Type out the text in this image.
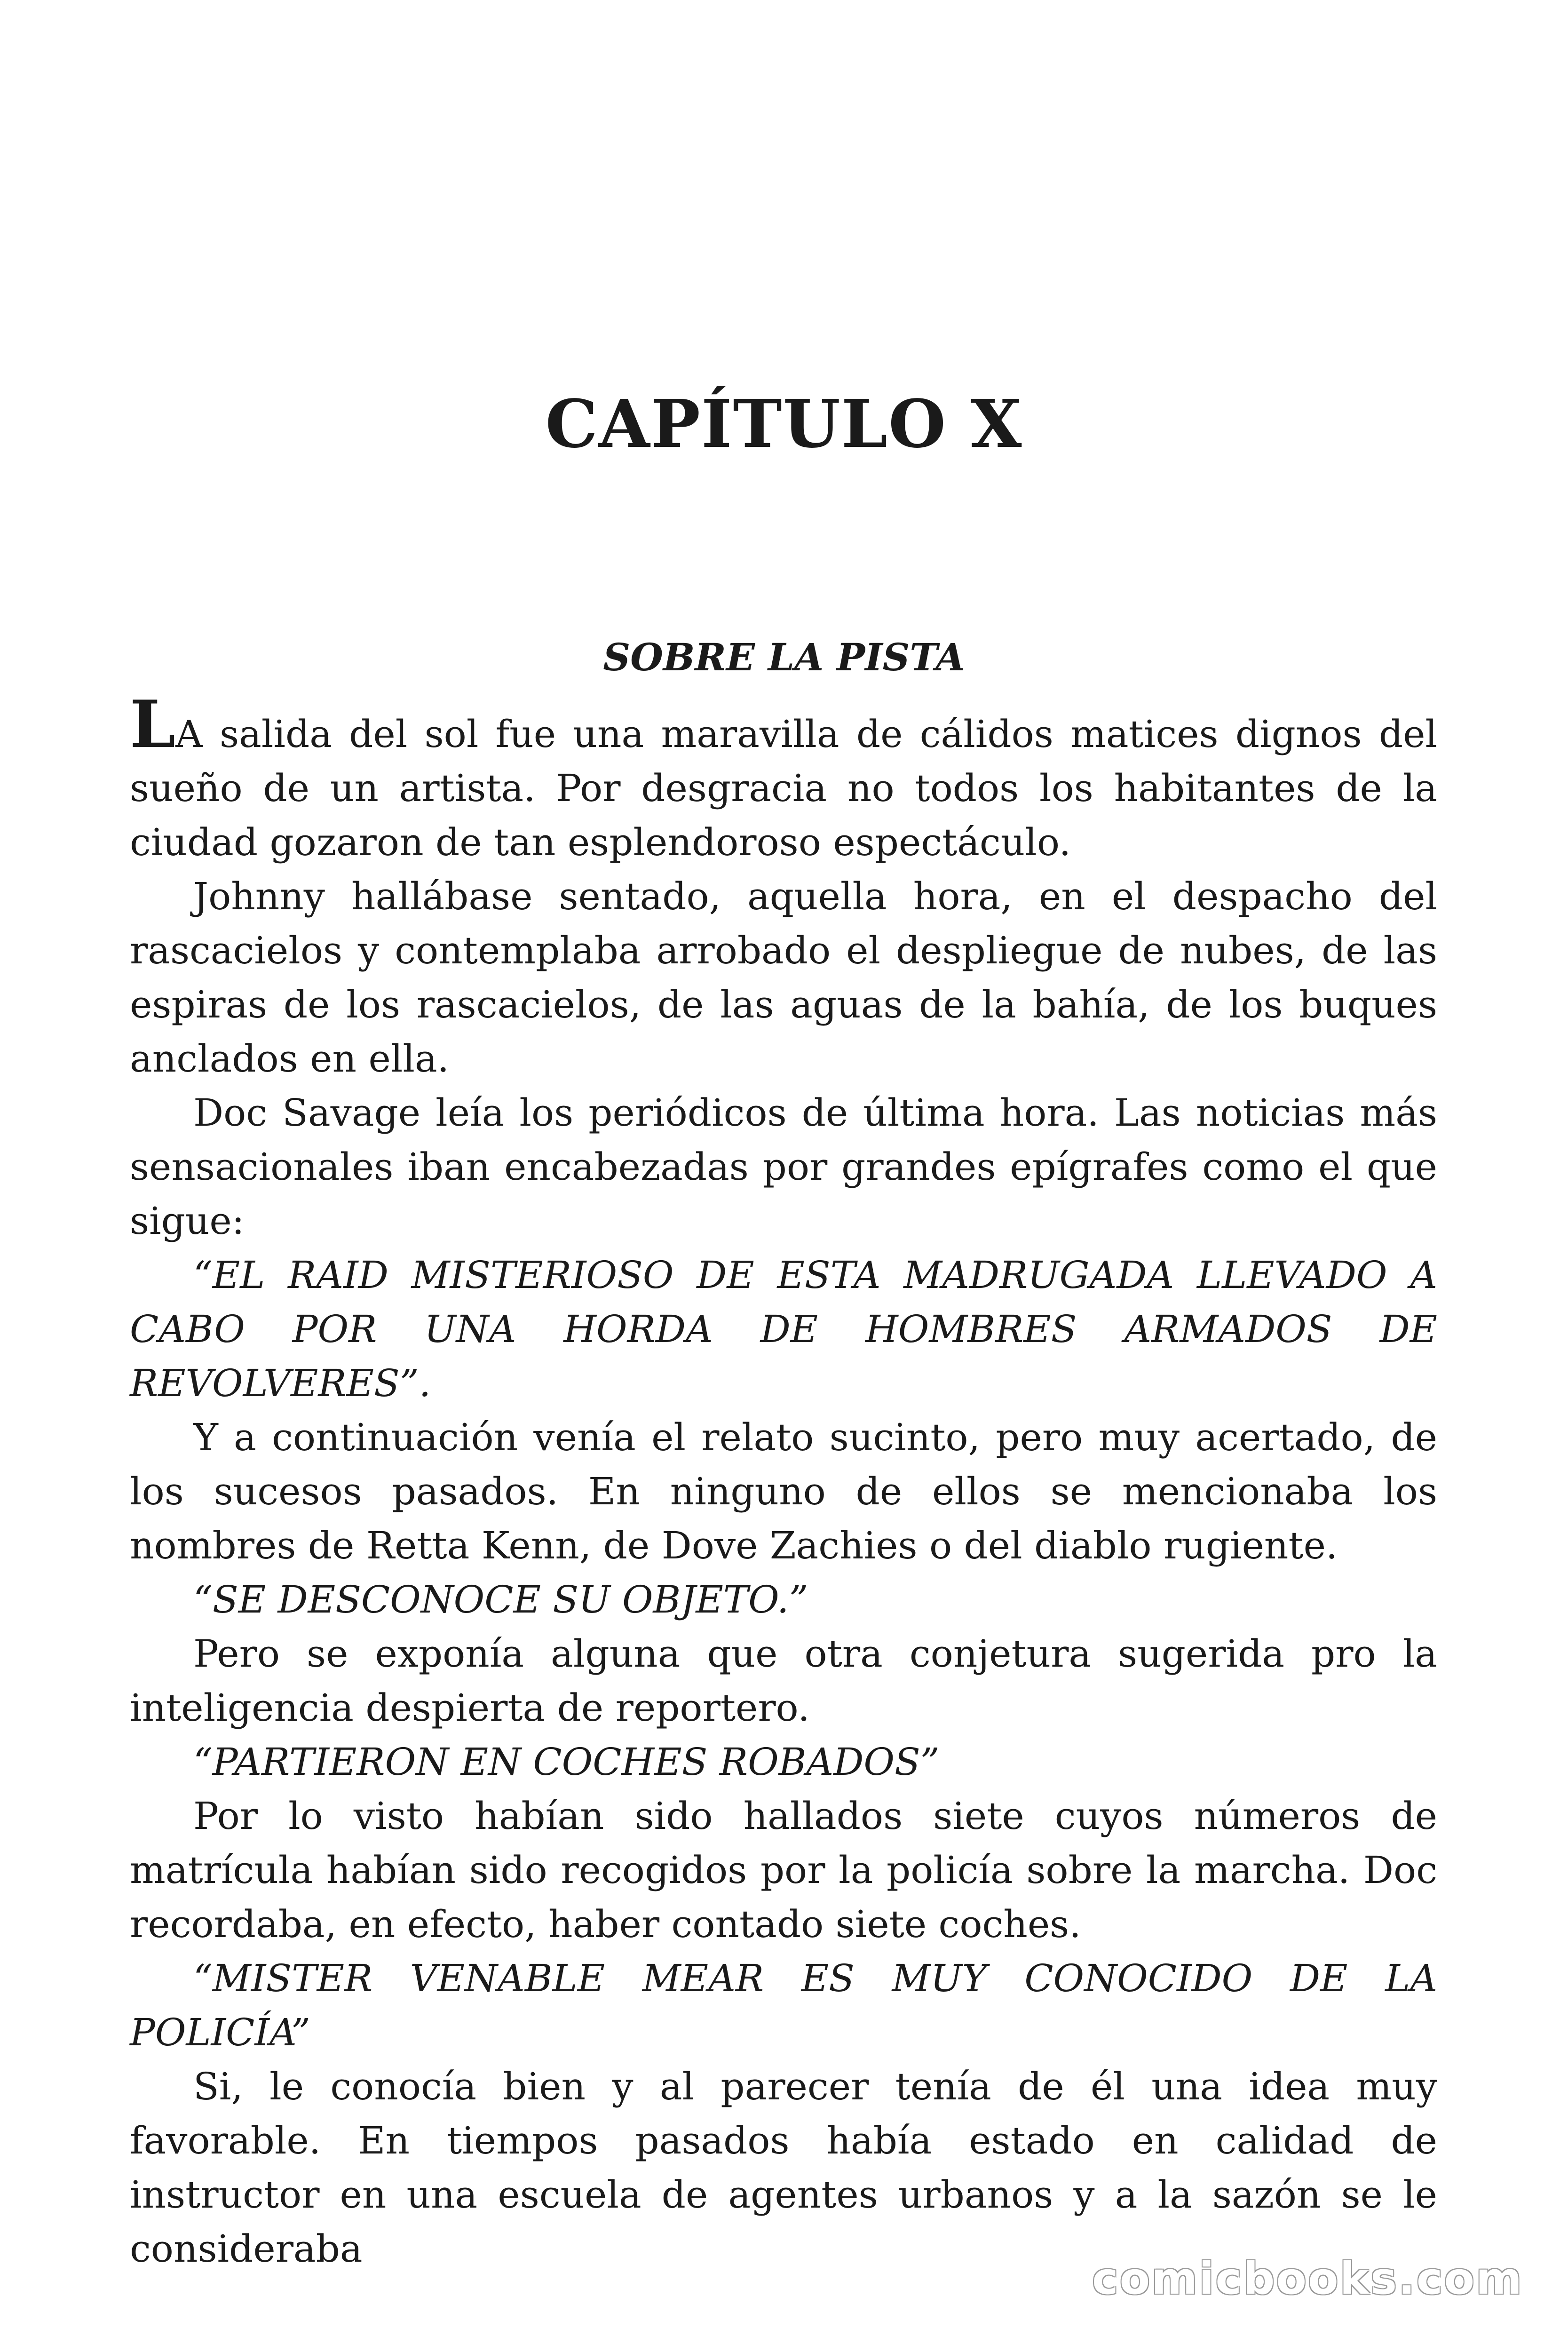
CAPÍTULO X
SOBRE LA PISTA

LA salida del sol fue una maravilla de cálidos matices dignos del sueño de un artista. Por desgracia no todos los habitantes de la ciudad gozaron de tan esplendoroso espectáculo.

Johnny hallábase sentado, aquella hora, en el despacho del rascacielos y contemplaba arrobado el despliegue de nubes, de las espiras de los rascacielos, de las aguas de la bahía, de los buques anclados en ella.

Doc Savage leía los periódicos de última hora. Las noticias más sensacionales iban encabezadas por grandes epígrafes como el que sigue:

“EL RAID MISTERIOSO DE ESTA MADRUGADA LLEVADO A CABO POR UNA HORDA DE HOMBRES ARMADOS DE REVOLVERES”.

Y a continuación venía el relato sucinto, pero muy acertado, de los sucesos pasados. En ninguno de ellos se mencionaba los nombres de Retta Kenn, de Dove Zachies o del diablo rugiente.

“SE DESCONOCE SU OBJETO.”

Pero se exponía alguna que otra conjetura sugerida pro la inteligencia despierta de reportero.

“PARTIERON EN COCHES ROBADOS”

Por lo visto habían sido hallados siete cuyos números de matrícula habían sido recogidos por la policía sobre la marcha. Doc recordaba, en efecto, haber contado siete coches.

“MISTER VENABLE MEAR ES MUY CONOCIDO DE LA POLICÍA”

Si, le conocía bien y al parecer tenía de él una idea muy favorable. En tiempos pasados había estado en calidad de instructor en una escuela de agentes urbanos y a la sazón se le consideraba

comicbooks.com
